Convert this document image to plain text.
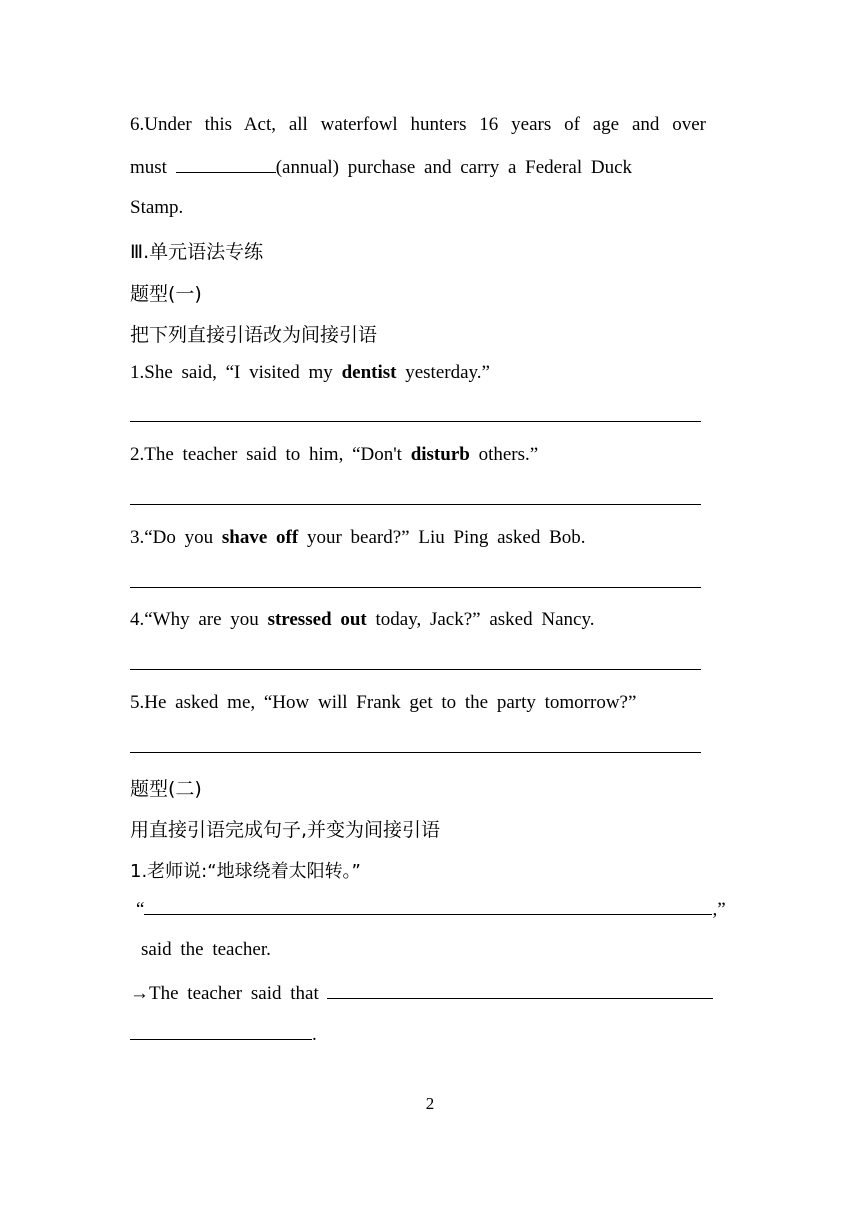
6.Under this Act, all waterfowl hunters 16 years of age and over
must	(annual) purchase and carry a Federal Duck
Stamp.
Ⅲ.单元语法专练
题型(一)
把下列直接引语改为间接引语
1.She said, “I visited my dentist yesterday.”
2.The teacher said to him, “Don't disturb others.”
3.“Do you shave off your beard?” Liu Ping asked Bob.
4.“Why are you stressed out today, Jack?” asked Nancy.
5.He asked me, “How will Frank get to the party tomorrow?”
题型(二)
用直接引语完成句子,并变为间接引语
1.老师说:“地球绕着太阳转。”
“	,”
said the teacher.
→The teacher said that
.
2
